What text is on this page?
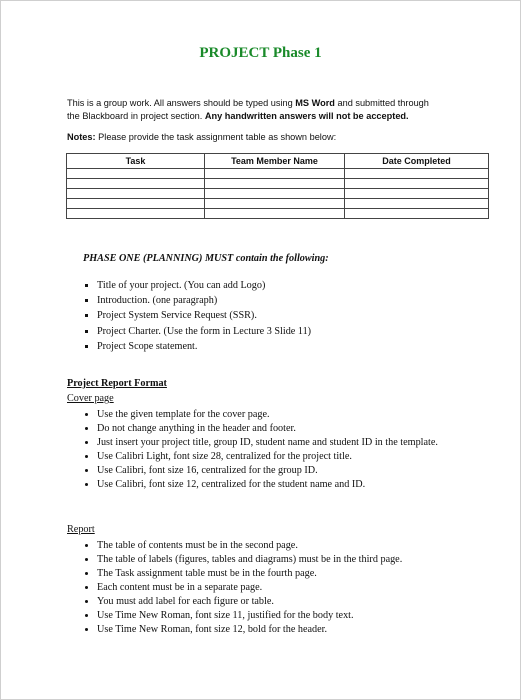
PROJECT Phase 1
This is a group work. All answers should be typed using MS Word and submitted through
the Blackboard in project section. Any handwritten answers will not be accepted.
Notes: Please provide the task assignment table as shown below:
Task	Team Member Name	Date Completed

PHASE ONE (PLANNING) MUST contain the following:
▪ Title of your project. (You can add Logo)
▪ Introduction. (one paragraph)
▪ Project System Service Request (SSR).
▪ Project Charter. (Use the form in Lecture 3 Slide 11)
▪ Project Scope statement.
Project Report Format
Cover page
• Use the given template for the cover page.
• Do not change anything in the header and footer.
• Just insert your project title, group ID, student name and student ID in the template.
• Use Calibri Light, font size 28, centralized for the project title.
• Use Calibri, font size 16, centralized for the group ID.
• Use Calibri, font size 12, centralized for the student name and ID.
Report
• The table of contents must be in the second page.
• The table of labels (figures, tables and diagrams) must be in the third page.
• The Task assignment table must be in the fourth page.
• Each content must be in a separate page.
• You must add label for each figure or table.
• Use Time New Roman, font size 11, justified for the body text.
• Use Time New Roman, font size 12, bold for the header.
